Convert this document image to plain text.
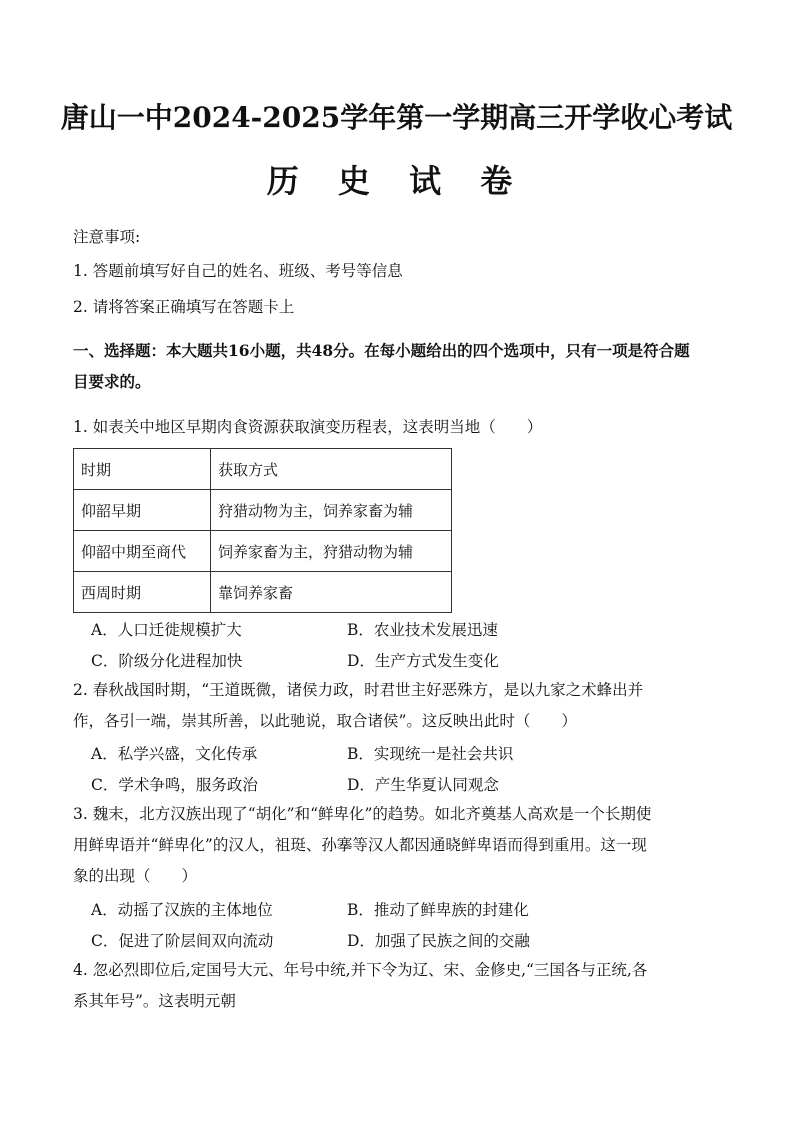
唐山一中2024-2025学年第一学期高三开学收心考试
历 史 试 卷
注意事项:
1. 答题前填写好自己的姓名、班级、考号等信息
2. 请将答案正确填写在答题卡上
一、选择题：本大题共16小题，共48分。在每小题给出的四个选项中，只有一项是符合题
目要求的。
1. 如表关中地区早期肉食资源获取演变历程表，这表明当地（　　）
时期	获取方式
仰韶早期	狩猎动物为主，饲养家畜为辅
仰韶中期至商代	饲养家畜为主，狩猎动物为辅
西周时期	靠饲养家畜
A．人口迁徙规模扩大	B．农业技术发展迅速
C．阶级分化进程加快	D．生产方式发生变化
2. 春秋战国时期，“王道既微，诸侯力政，时君世主好恶殊方，是以九家之术蜂出并
作，各引一端，崇其所善，以此驰说，取合诸侯”。这反映出此时（　　）
A．私学兴盛，文化传承	B．实现统一是社会共识
C．学术争鸣，服务政治	D．产生华夏认同观念
3. 魏末，北方汉族出现了“胡化”和“鲜卑化”的趋势。如北齐奠基人高欢是一个长期使
用鲜卑语并“鲜卑化”的汉人，祖珽、孙搴等汉人都因通晓鲜卑语而得到重用。这一现
象的出现（　　）
A．动摇了汉族的主体地位	B．推动了鲜卑族的封建化
C．促进了阶层间双向流动	D．加强了民族之间的交融
4. 忽必烈即位后,定国号大元、年号中统,并下令为辽、宋、金修史,“三国各与正统,各
系其年号”。这表明元朝
